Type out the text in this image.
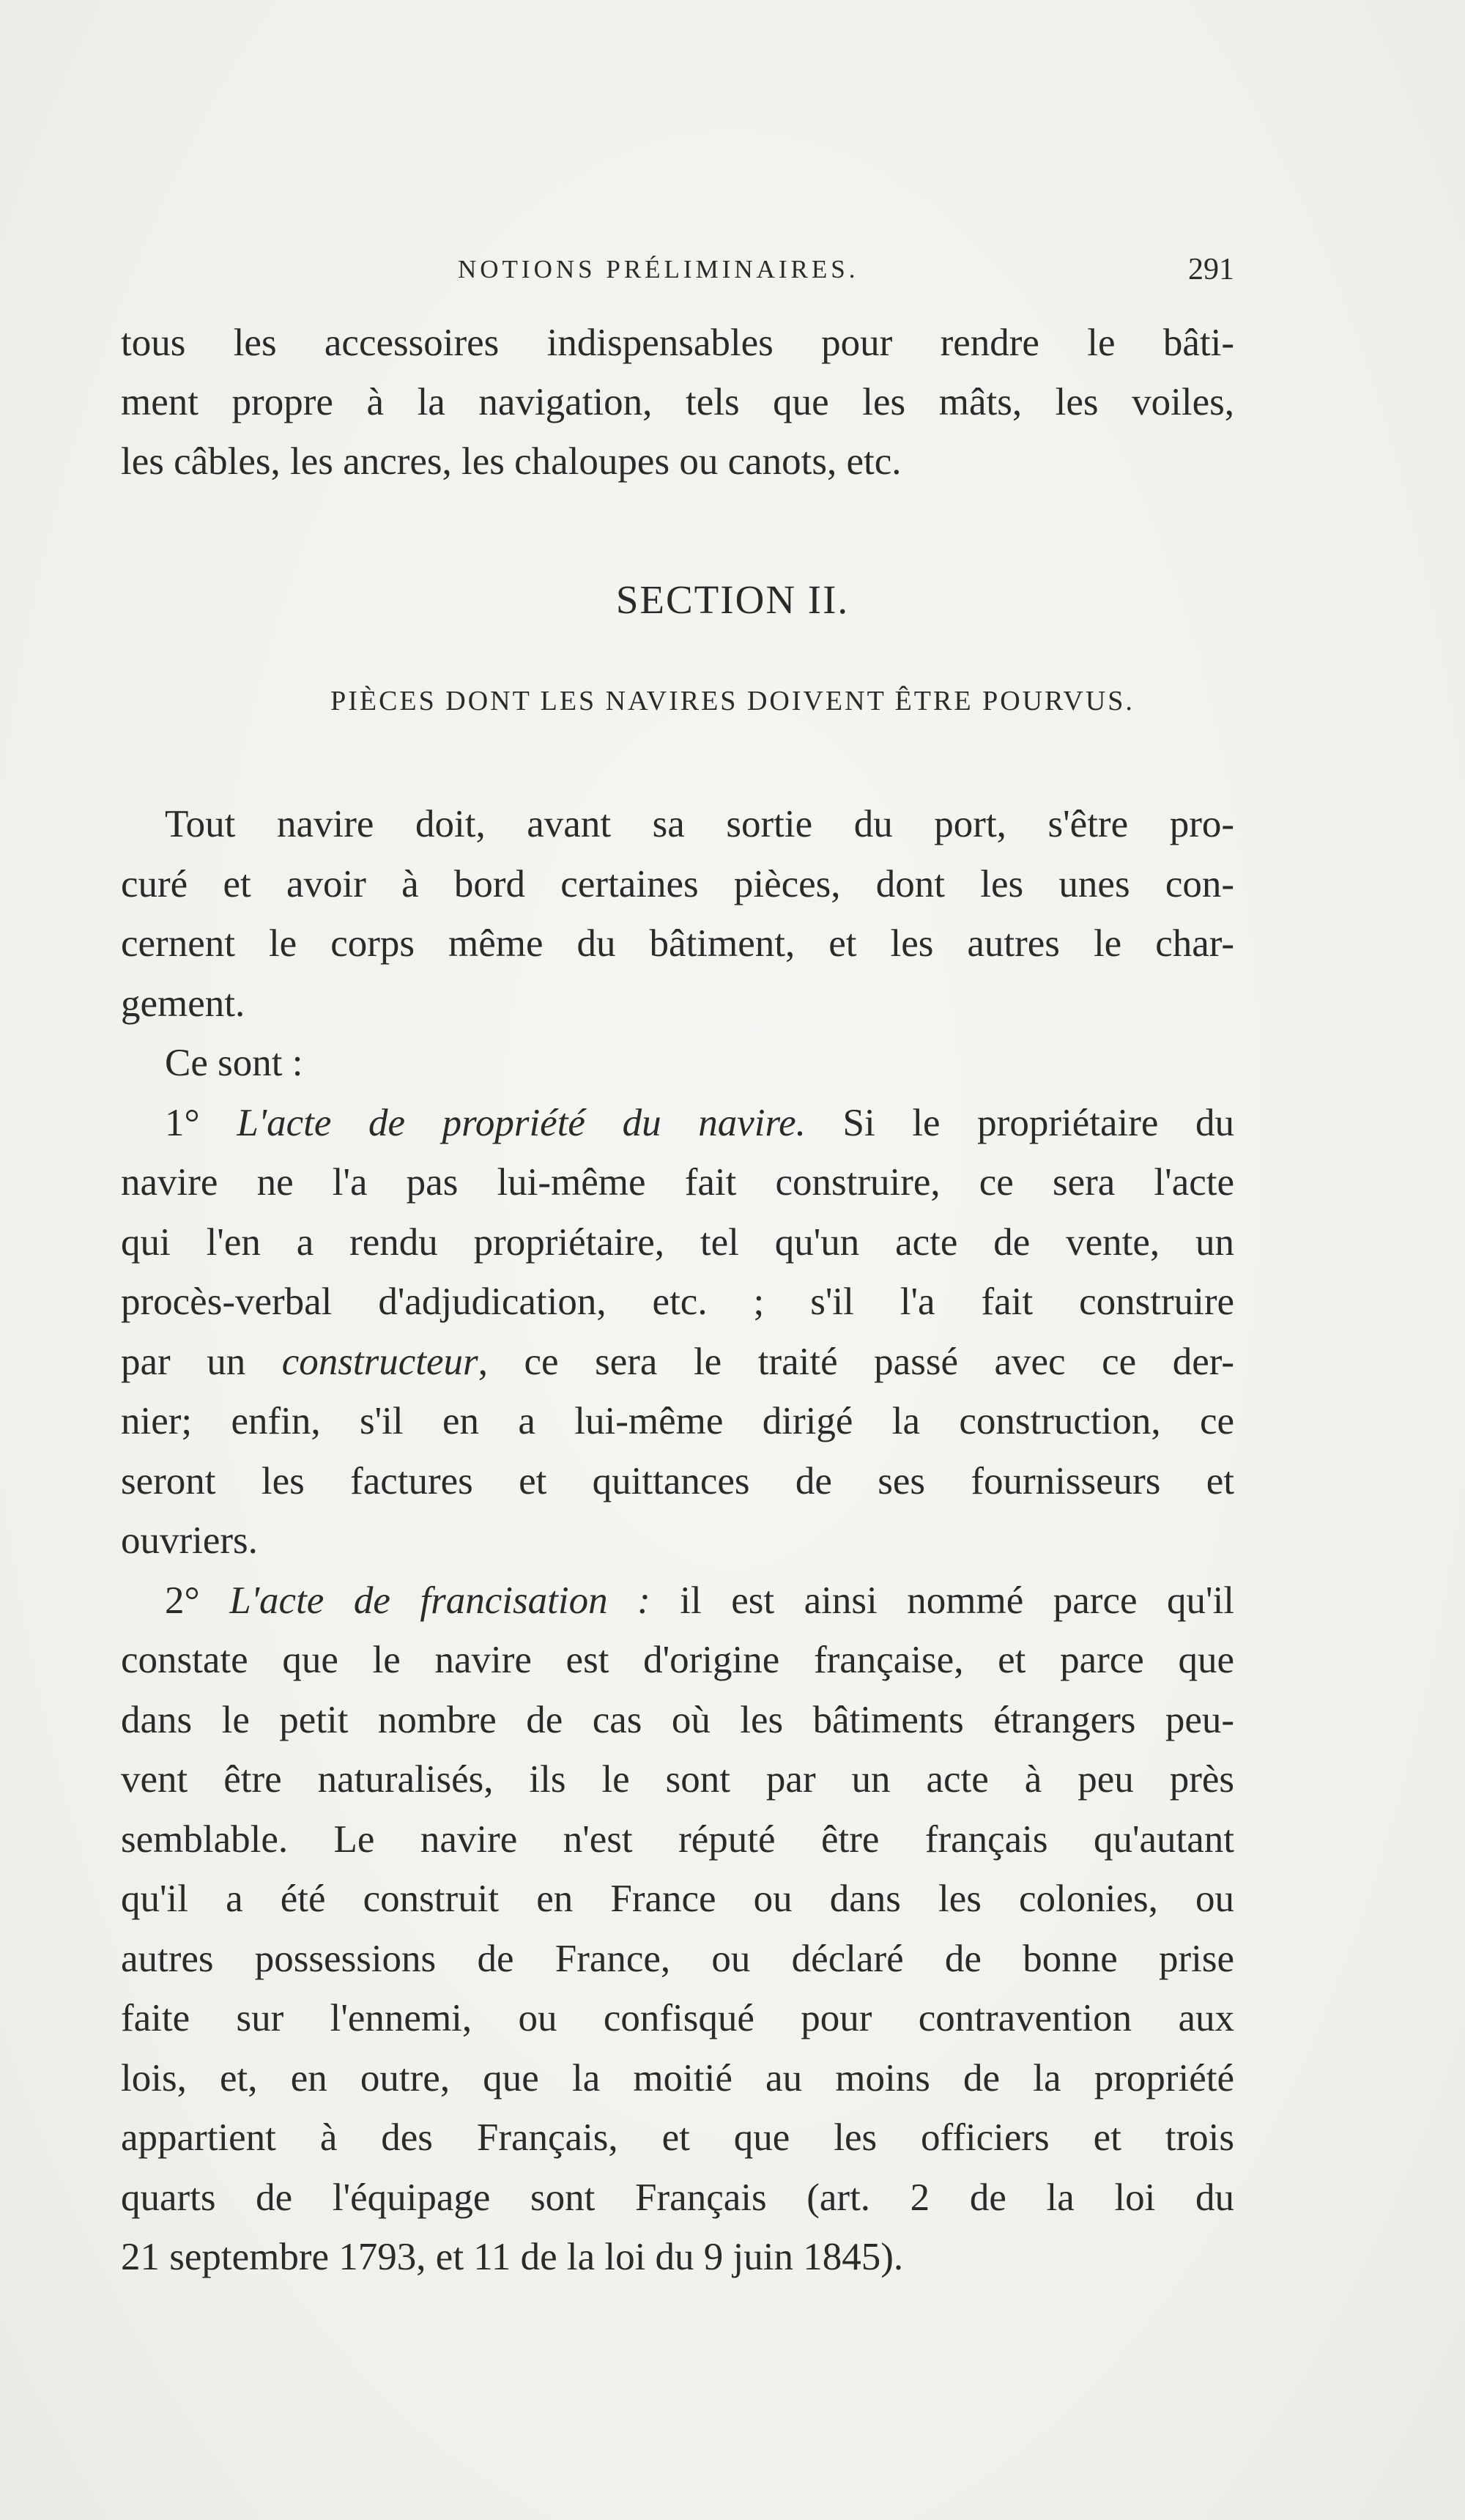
NOTIONS PRÉLIMINAIRES.	291
tous les accessoires indispensables pour rendre le bâti-
ment propre à la navigation, tels que les mâts, les voiles,
les câbles, les ancres, les chaloupes ou canots, etc.
SECTION II.
PIÈCES DONT LES NAVIRES DOIVENT ÊTRE POURVUS.
Tout navire doit, avant sa sortie du port, s'être pro-
curé et avoir à bord certaines pièces, dont les unes con-
cernent le corps même du bâtiment, et les autres le char-
gement.
Ce sont :
1° L'acte de propriété du navire. Si le propriétaire du
navire ne l'a pas lui-même fait construire, ce sera l'acte
qui l'en a rendu propriétaire, tel qu'un acte de vente, un
procès-verbal d'adjudication, etc. ; s'il l'a fait construire
par un constructeur, ce sera le traité passé avec ce der-
nier; enfin, s'il en a lui-même dirigé la construction, ce
seront les factures et quittances de ses fournisseurs et
ouvriers.
2° L'acte de francisation : il est ainsi nommé parce qu'il
constate que le navire est d'origine française, et parce que
dans le petit nombre de cas où les bâtiments étrangers peu-
vent être naturalisés, ils le sont par un acte à peu près
semblable. Le navire n'est réputé être français qu'autant
qu'il a été construit en France ou dans les colonies, ou
autres possessions de France, ou déclaré de bonne prise
faite sur l'ennemi, ou confisqué pour contravention aux
lois, et, en outre, que la moitié au moins de la propriété
appartient à des Français, et que les officiers et trois
quarts de l'équipage sont Français (art. 2 de la loi du
21 septembre 1793, et 11 de la loi du 9 juin 1845).
